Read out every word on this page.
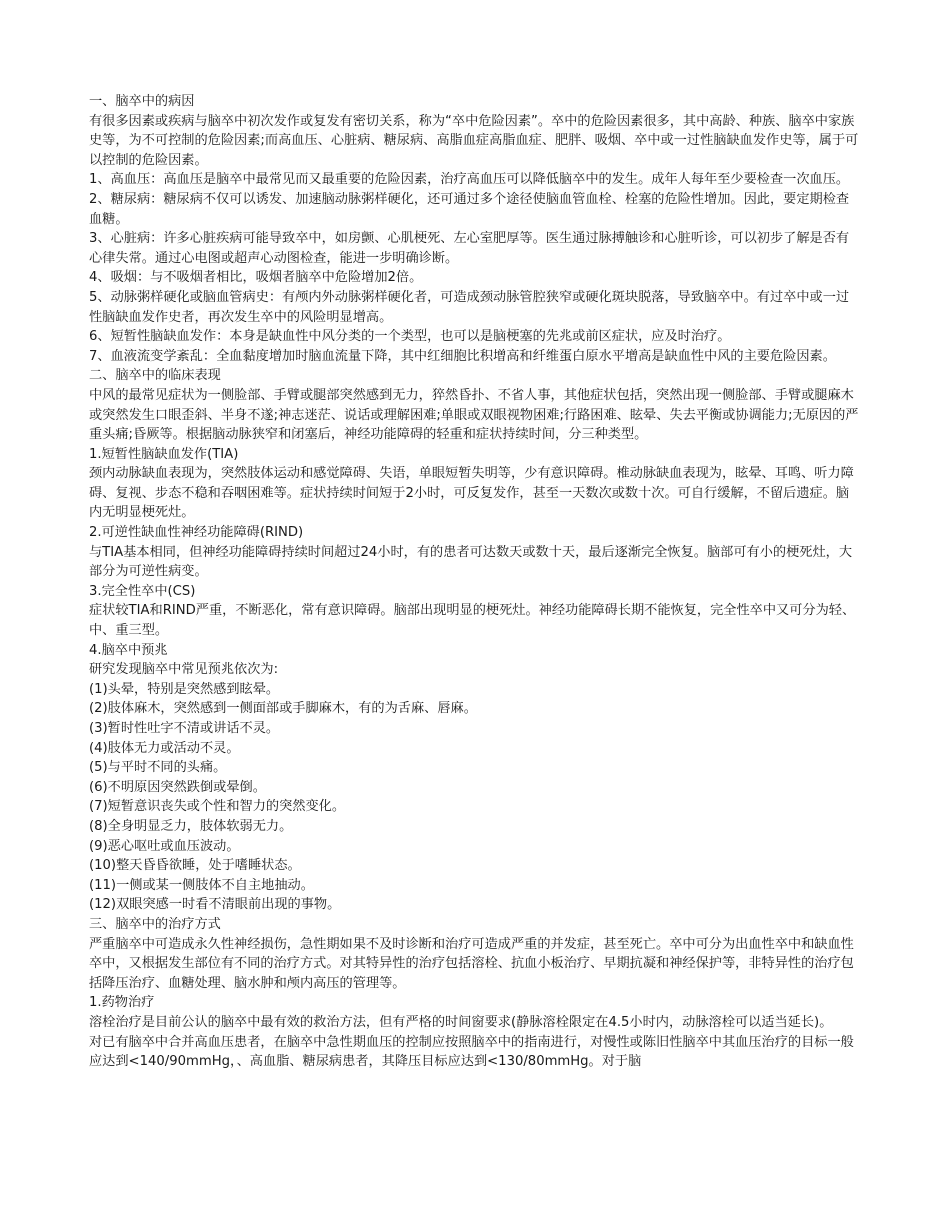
一、脑卒中的病因

有很多因素或疾病与脑卒中初次发作或复发有密切关系，称为“卒中危险因素”。卒中的危险因素很多，其中高龄、种族、脑卒中家族史等，为不可控制的危险因素;而高血压、心脏病、糖尿病、高脂血症高脂血症、肥胖、吸烟、卒中或一过性脑缺血发作史等，属于可以控制的危险因素。

1、高血压：高血压是脑卒中最常见而又最重要的危险因素，治疗高血压可以降低脑卒中的发生。成年人每年至少要检查一次血压。

2、糖尿病：糖尿病不仅可以诱发、加速脑动脉粥样硬化，还可通过多个途径使脑血管血栓、栓塞的危险性增加。因此，要定期检查血糖。

3、心脏病：许多心脏疾病可能导致卒中，如房颤、心肌梗死、左心室肥厚等。医生通过脉搏触诊和心脏听诊，可以初步了解是否有心律失常。通过心电图或超声心动图检查，能进一步明确诊断。

4、吸烟：与不吸烟者相比，吸烟者脑卒中危险增加2倍。

5、动脉粥样硬化或脑血管病史：有颅内外动脉粥样硬化者，可造成颈动脉管腔狭窄或硬化斑块脱落，导致脑卒中。有过卒中或一过性脑缺血发作史者，再次发生卒中的风险明显增高。

6、短暂性脑缺血发作：本身是缺血性中风分类的一个类型，也可以是脑梗塞的先兆或前区症状，应及时治疗。

7、血液流变学紊乱：全血黏度增加时脑血流量下降，其中红细胞比积增高和纤维蛋白原水平增高是缺血性中风的主要危险因素。

二、脑卒中的临床表现

中风的最常见症状为一侧脸部、手臂或腿部突然感到无力，猝然昏扑、不省人事，其他症状包括，突然出现一侧脸部、手臂或腿麻木或突然发生口眼歪斜、半身不遂;神志迷茫、说话或理解困难;单眼或双眼视物困难;行路困难、眩晕、失去平衡或协调能力;无原因的严重头痛;昏厥等。根据脑动脉狭窄和闭塞后，神经功能障碍的轻重和症状持续时间，分三种类型。

1.短暂性脑缺血发作(TIA)

颈内动脉缺血表现为，突然肢体运动和感觉障碍、失语，单眼短暂失明等，少有意识障碍。椎动脉缺血表现为，眩晕、耳鸣、听力障碍、复视、步态不稳和吞咽困难等。症状持续时间短于2小时，可反复发作，甚至一天数次或数十次。可自行缓解，不留后遗症。脑内无明显梗死灶。

2.可逆性缺血性神经功能障碍(RIND)

与TIA基本相同，但神经功能障碍持续时间超过24小时，有的患者可达数天或数十天，最后逐渐完全恢复。脑部可有小的梗死灶，大部分为可逆性病变。

3.完全性卒中(CS)

症状较TIA和RIND严重，不断恶化，常有意识障碍。脑部出现明显的梗死灶。神经功能障碍长期不能恢复，完全性卒中又可分为轻、中、重三型。

4.脑卒中预兆

研究发现脑卒中常见预兆依次为:

(1)头晕，特别是突然感到眩晕。

(2)肢体麻木，突然感到一侧面部或手脚麻木，有的为舌麻、唇麻。

(3)暂时性吐字不清或讲话不灵。

(4)肢体无力或活动不灵。

(5)与平时不同的头痛。

(6)不明原因突然跌倒或晕倒。

(7)短暂意识丧失或个性和智力的突然变化。

(8)全身明显乏力，肢体软弱无力。

(9)恶心呕吐或血压波动。

(10)整天昏昏欲睡，处于嗜睡状态。

(11)一侧或某一侧肢体不自主地抽动。

(12)双眼突感一时看不清眼前出现的事物。

三、脑卒中的治疗方式

严重脑卒中可造成永久性神经损伤，急性期如果不及时诊断和治疗可造成严重的并发症，甚至死亡。卒中可分为出血性卒中和缺血性卒中，又根据发生部位有不同的治疗方式。对其特异性的治疗包括溶栓、抗血小板治疗、早期抗凝和神经保护等，非特异性的治疗包括降压治疗、血糖处理、脑水肿和颅内高压的管理等。

1.药物治疗

溶栓治疗是目前公认的脑卒中最有效的救治方法，但有严格的时间窗要求(静脉溶栓限定在4.5小时内，动脉溶栓可以适当延长)。

对已有脑卒中合并高血压患者，在脑卒中急性期血压的控制应按照脑卒中的指南进行，对慢性或陈旧性脑卒中其血压治疗的目标一般应达到<140/90mmHg，、高血脂、糖尿病患者，其降压目标应达到<130/80mmHg。对于脑
